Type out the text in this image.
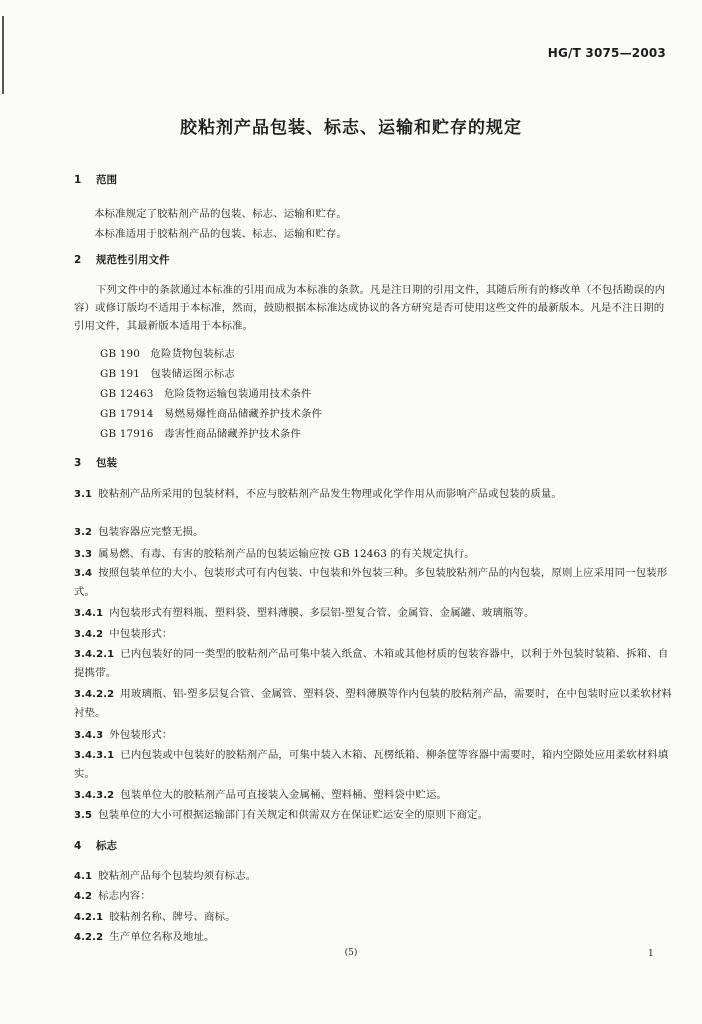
HG/T 3075—2003
胶粘剂产品包装、标志、运输和贮存的规定
1 范围
本标准规定了胶粘剂产品的包装、标志、运输和贮存。
本标准适用于胶粘剂产品的包装、标志、运输和贮存。
2 规范性引用文件
下列文件中的条款通过本标准的引用而成为本标准的条款。凡是注日期的引用文件，其随后所有的修改单（不包括勘误的内容）或修订版均不适用于本标准，然而，鼓励根据本标准达成协议的各方研究是否可使用这些文件的最新版本。凡是不注日期的引用文件，其最新版本适用于本标准。
GB 190　危险货物包装标志
GB 191　包装储运图示标志
GB 12463　危险货物运输包装通用技术条件
GB 17914　易燃易爆性商品储藏养护技术条件
GB 17916　毒害性商品储藏养护技术条件
3 包装
3.1 胶粘剂产品所采用的包装材料，不应与胶粘剂产品发生物理或化学作用从而影响产品或包装的质量。
3.2 包装容器应完整无损。
3.3 属易燃、有毒、有害的胶粘剂产品的包装运输应按 GB 12463 的有关规定执行。
3.4 按照包装单位的大小、包装形式可有内包装、中包装和外包装三种。多包装胶粘剂产品的内包装，原则上应采用同一包装形式。
3.4.1 内包装形式有塑料瓶、塑料袋、塑料薄膜、多层铝-塑复合管、金属管、金属罐、玻璃瓶等。
3.4.2 中包装形式：
3.4.2.1 已内包装好的同一类型的胶粘剂产品可集中装入纸盒、木箱或其他材质的包装容器中，以利于外包装时装箱、拆箱、自提携带。
3.4.2.2 用玻璃瓶、铝-塑多层复合管、金属管、塑料袋、塑料薄膜等作内包装的胶粘剂产品，需要时，在中包装时应以柔软材料衬垫。
3.4.3 外包装形式：
3.4.3.1 已内包装或中包装好的胶粘剂产品，可集中装入木箱、瓦楞纸箱、柳条筐等容器中需要时，箱内空隙处应用柔软材料填实。
3.4.3.2 包装单位大的胶粘剂产品可直接装入金属桶、塑料桶、塑料袋中贮运。
3.5 包装单位的大小可根据运输部门有关规定和供需双方在保证贮运安全的原则下商定。
4 标志
4.1 胶粘剂产品每个包装均须有标志。
4.2 标志内容：
4.2.1 胶粘剂名称、牌号、商标。
4.2.2 生产单位名称及地址。
(5)	1
